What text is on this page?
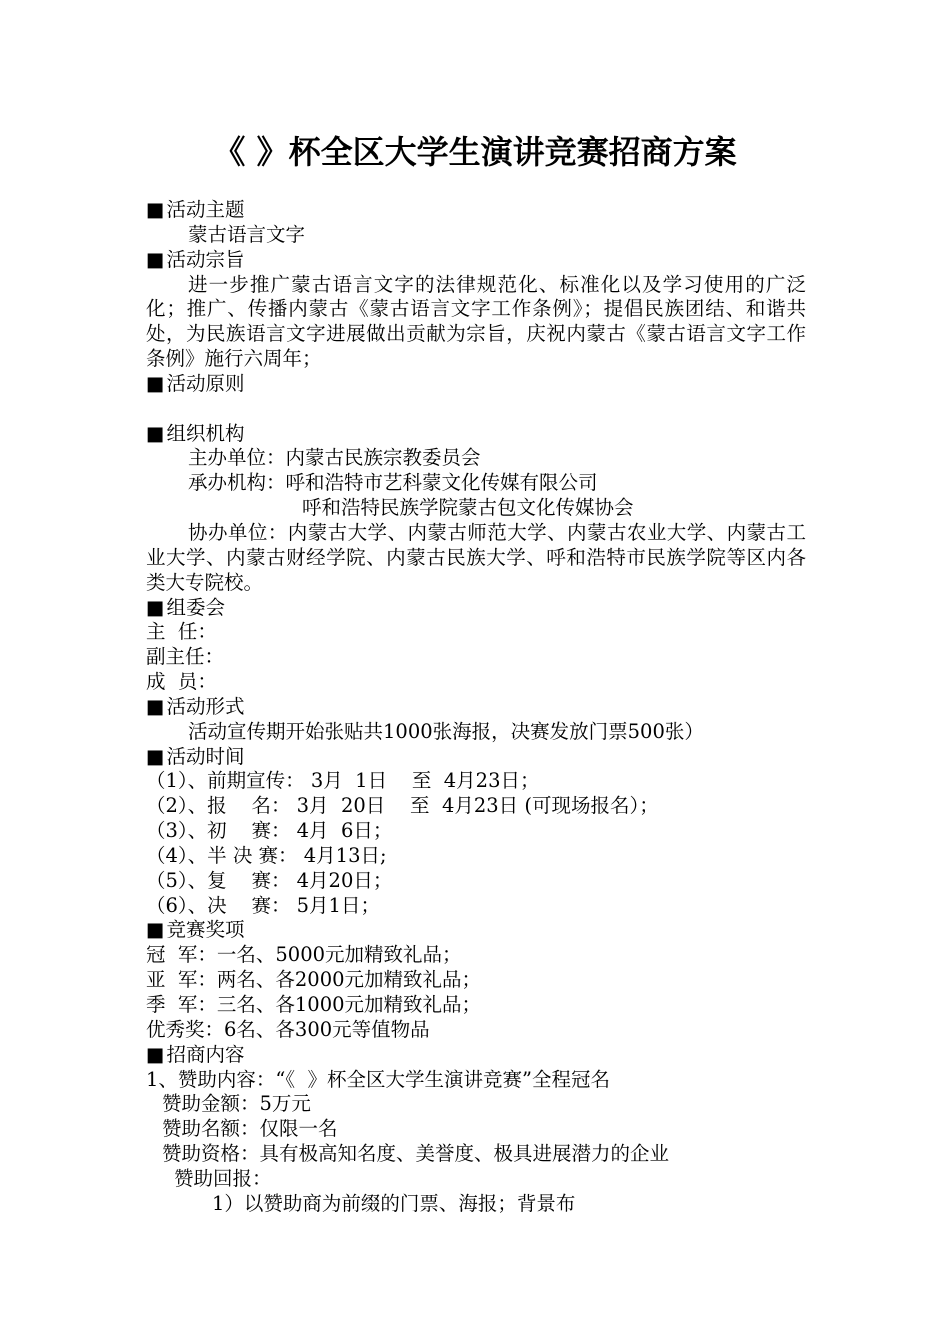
《 》杯全区大学生演讲竞赛招商方案
■ 活动主题
蒙古语言文字
■ 活动宗旨
进一步推广蒙古语言文字的法律规范化、标准化以及学习使用的广泛化；推广、传播内蒙古《蒙古语言文字工作条例》；提倡民族团结、和谐共处，为民族语言文字进展做出贡献为宗旨，庆祝内蒙古《蒙古语言文字工作条例》施行六周年；
■ 活动原则
■ 组织机构
主办单位：内蒙古民族宗教委员会
承办机构：呼和浩特市艺科蒙文化传媒有限公司
呼和浩特民族学院蒙古包文化传媒协会
协办单位：内蒙古大学、内蒙古师范大学、内蒙古农业大学、内蒙古工业大学、内蒙古财经学院、内蒙古民族大学、呼和浩特市民族学院等区内各类大专院校。
■ 组委会
主  任：
副主任：
成  员：
■ 活动形式
活动宣传期开始张贴共1000张海报，决赛发放门票500张）
■ 活动时间
（1）、前期宣传： 3月  1日    至  4月23日；
（2）、报    名： 3月  20日    至  4月23日 (可现场报名）；
（3）、初    赛： 4月  6日；
（4）、半 决 赛： 4月13日;
（5）、复    赛： 4月20日；
（6）、决    赛： 5月1日；
■ 竞赛奖项
冠  军：一名、5000元加精致礼品；
亚  军：两名、各2000元加精致礼品；
季  军：三名、各1000元加精致礼品；
优秀奖：6名、各300元等值物品
■ 招商内容
1、赞助内容：“《  》杯全区大学生演讲竞赛”全程冠名
赞助金额：5万元
赞助名额：仅限一名
赞助资格：具有极高知名度、美誉度、极具进展潜力的企业
赞助回报：
1）以赞助商为前缀的门票、海报；背景布
